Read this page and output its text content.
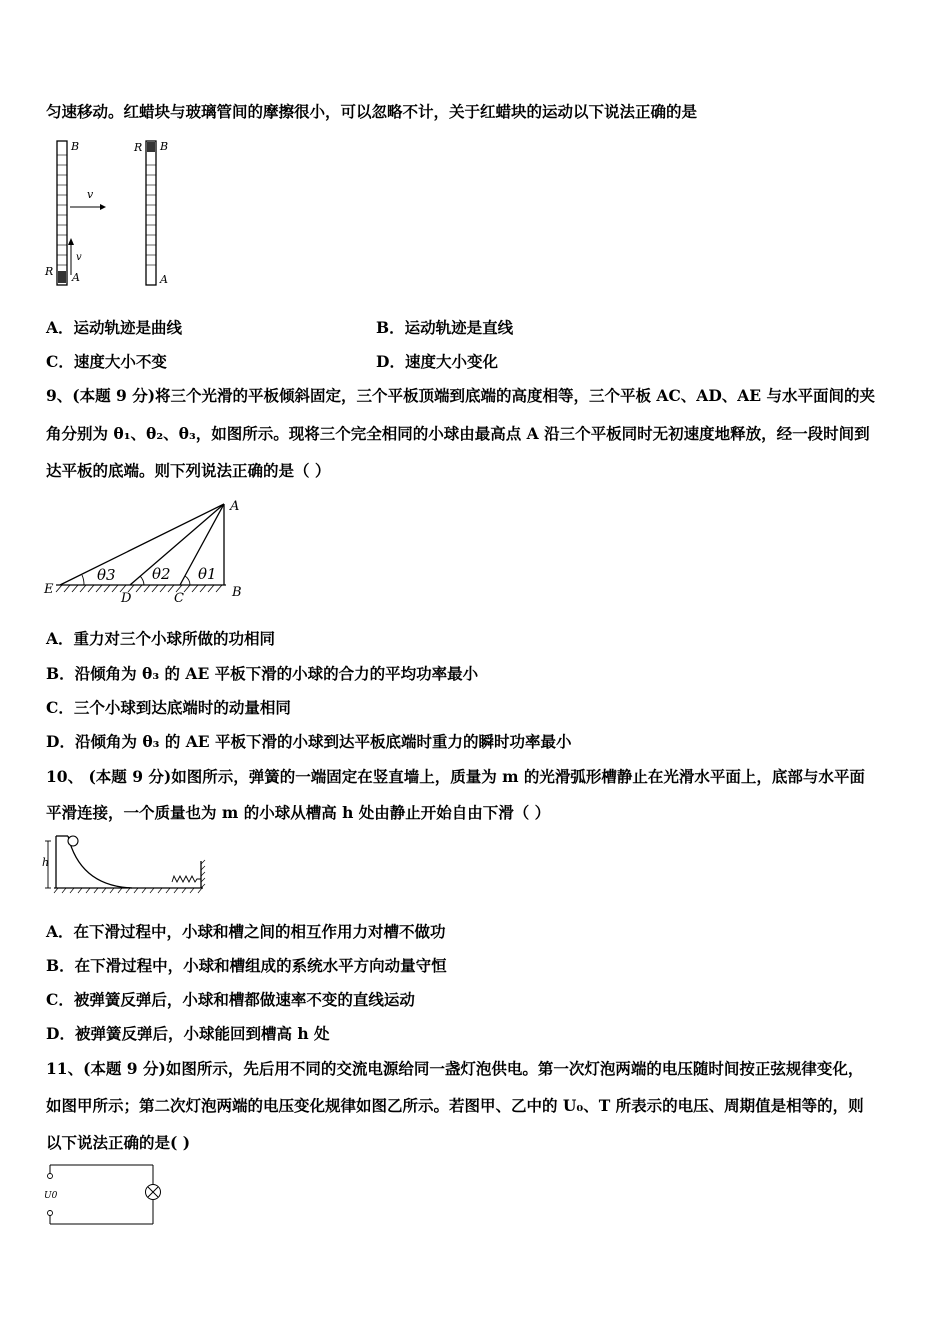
匀速移动。红蜡块与玻璃管间的摩擦很小，可以忽略不计，关于红蜡块的运动以下说法正确的是
B
R A
v
v
R B
A
A．运动轨迹是曲线	B．运动轨迹是直线
C．速度大小不变	D．速度大小变化
9、(本题 9 分)将三个光滑的平板倾斜固定，三个平板顶端到底端的高度相等，三个平板 AC、AD、AE 与水平面间的夹
角分别为 θ₁、θ₂、θ₃，如图所示。现将三个完全相同的小球由最高点 A 沿三个平板同时无初速度地释放，经一段时间到
达平板的底端。则下列说法正确的是（ ）
A
B
C
D
E
θ1
θ2
θ3
A．重力对三个小球所做的功相同
B．沿倾角为 θ₃ 的 AE 平板下滑的小球的合力的平均功率最小
C．三个小球到达底端时的动量相同
D．沿倾角为 θ₃ 的 AE 平板下滑的小球到达平板底端时重力的瞬时功率最小
10、 (本题 9 分)如图所示，弹簧的一端固定在竖直墙上，质量为 m 的光滑弧形槽静止在光滑水平面上，底部与水平面
平滑连接，一个质量也为 m 的小球从槽高 h 处由静止开始自由下滑（ ）
h
A．在下滑过程中，小球和槽之间的相互作用力对槽不做功
B．在下滑过程中，小球和槽组成的系统水平方向动量守恒
C．被弹簧反弹后，小球和槽都做速率不变的直线运动
D．被弹簧反弹后，小球能回到槽高 h 处
11、(本题 9 分)如图所示，先后用不同的交流电源给同一盏灯泡供电。第一次灯泡两端的电压随时间按正弦规律变化，
如图甲所示；第二次灯泡两端的电压变化规律如图乙所示。若图甲、乙中的 U₀、T 所表示的电压、周期值是相等的，则
以下说法正确的是( )
U0
